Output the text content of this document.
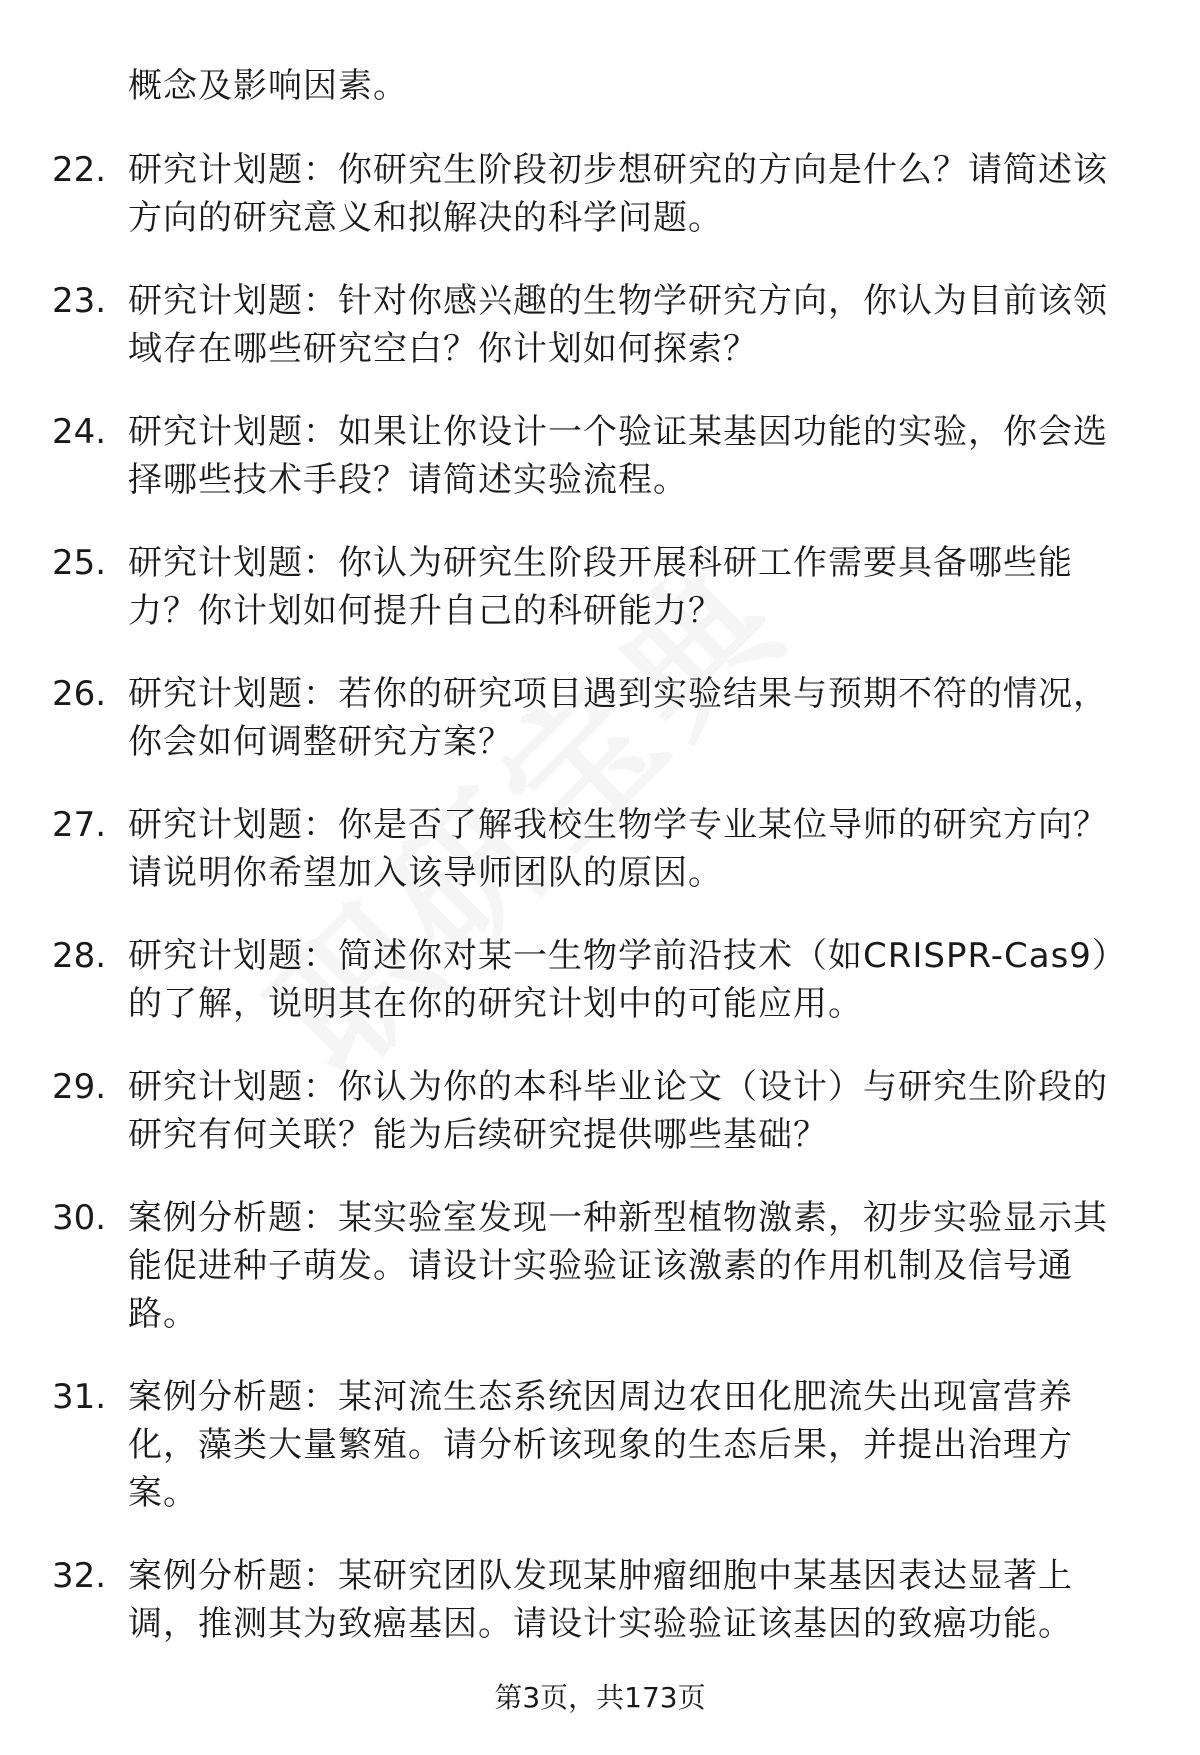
概念及影响因素。
22. 研究计划题：你研究生阶段初步想研究的方向是什么？请简述该方向的研究意义和拟解决的科学问题。
23. 研究计划题：针对你感兴趣的生物学研究方向，你认为目前该领域存在哪些研究空白？你计划如何探索？
24. 研究计划题：如果让你设计一个验证某基因功能的实验，你会选择哪些技术手段？请简述实验流程。
25. 研究计划题：你认为研究生阶段开展科研工作需要具备哪些能力？你计划如何提升自己的科研能力？
26. 研究计划题：若你的研究项目遇到实验结果与预期不符的情况，你会如何调整研究方案？
27. 研究计划题：你是否了解我校生物学专业某位导师的研究方向？请说明你希望加入该导师团队的原因。
28. 研究计划题：简述你对某一生物学前沿技术（如CRISPR-Cas9）的了解，说明其在你的研究计划中的可能应用。
29. 研究计划题：你认为你的本科毕业论文（设计）与研究生阶段的研究有何关联？能为后续研究提供哪些基础？
30. 案例分析题：某实验室发现一种新型植物激素，初步实验显示其能促进种子萌发。请设计实验验证该激素的作用机制及信号通路。
31. 案例分析题：某河流生态系统因周边农田化肥流失出现富营养化，藻类大量繁殖。请分析该现象的生态后果，并提出治理方案。
32. 案例分析题：某研究团队发现某肿瘤细胞中某基因表达显著上调，推测其为致癌基因。请设计实验验证该基因的致癌功能。
第3页，共173页
